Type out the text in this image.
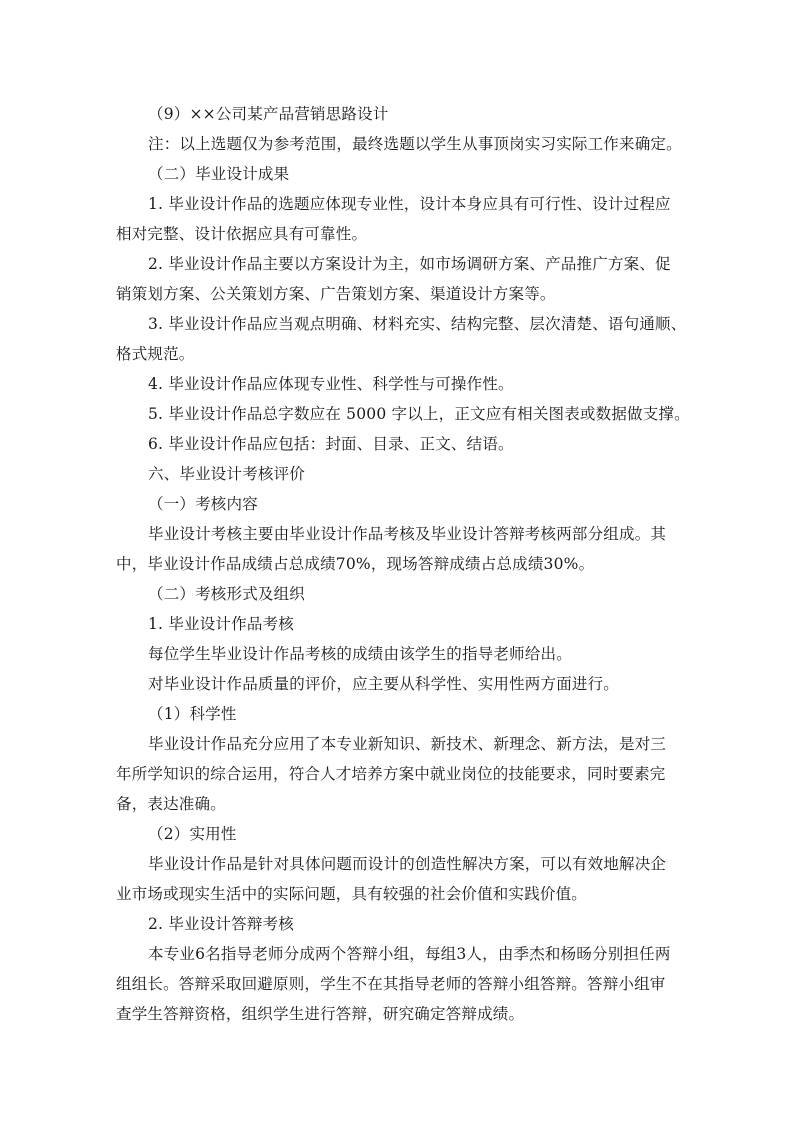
（9）××公司某产品营销思路设计
注：以上选题仅为参考范围，最终选题以学生从事顶岗实习实际工作来确定。
（二）毕业设计成果
1. 毕业设计作品的选题应体现专业性，设计本身应具有可行性、设计过程应
相对完整、设计依据应具有可靠性。
2. 毕业设计作品主要以方案设计为主，如市场调研方案、产品推广方案、促
销策划方案、公关策划方案、广告策划方案、渠道设计方案等。
3. 毕业设计作品应当观点明确、材料充实、结构完整、层次清楚、语句通顺、
格式规范。
4. 毕业设计作品应体现专业性、科学性与可操作性。
5. 毕业设计作品总字数应在 5000 字以上，正文应有相关图表或数据做支撑。
6. 毕业设计作品应包括：封面、目录、正文、结语。
六、毕业设计考核评价
（一）考核内容
毕业设计考核主要由毕业设计作品考核及毕业设计答辩考核两部分组成。其
中，毕业设计作品成绩占总成绩70%，现场答辩成绩占总成绩30%。
（二）考核形式及组织
1. 毕业设计作品考核
每位学生毕业设计作品考核的成绩由该学生的指导老师给出。
对毕业设计作品质量的评价，应主要从科学性、实用性两方面进行。
（1）科学性
毕业设计作品充分应用了本专业新知识、新技术、新理念、新方法，是对三
年所学知识的综合运用，符合人才培养方案中就业岗位的技能要求，同时要素完
备，表达准确。
（2）实用性
毕业设计作品是针对具体问题而设计的创造性解决方案，可以有效地解决企
业市场或现实生活中的实际问题，具有较强的社会价值和实践价值。
2. 毕业设计答辩考核
本专业6名指导老师分成两个答辩小组，每组3人，由季杰和杨旸分别担任两
组组长。答辩采取回避原则，学生不在其指导老师的答辩小组答辩。答辩小组审
查学生答辩资格，组织学生进行答辩，研究确定答辩成绩。
